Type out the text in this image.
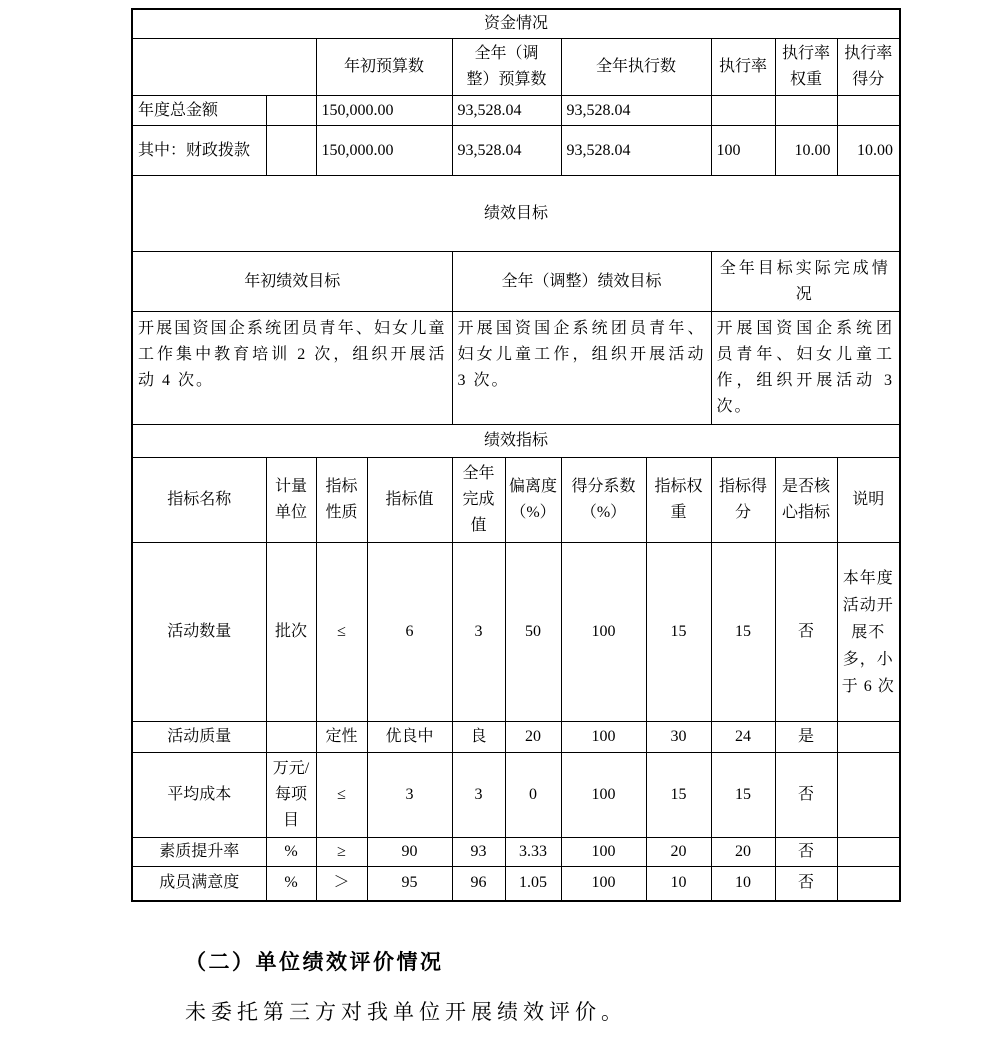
资金情况										
		年初预算数		全年（调整）预算数		全年执行数		执行率	执行率权重	执行率得分
年度总金额		150,000.00		93,528.04		93,528.04				
其中：财政拨款		150,000.00		93,528.04		93,528.04		100	10.00	10.00
绩效目标										
年初绩效目标				全年（调整）绩效目标				全年目标实际完成情况		
开展国资国企系统团员青年、妇女儿童工作集中教育培训 2 次，组织开展活动 4 次。				开展国资国企系统团员青年、妇女儿童工作，组织开展活动 3 次。				开展国资国企系统团员青年、妇女儿童工作，组织开展活动 3 次。		
绩效指标										
指标名称	计量单位	指标性质	指标值	全年完成值	偏离度（%）	得分系数（%）	指标权重	指标得分	是否核心指标	说明
活动数量	批次	≤	6	3	50	100	15	15	否	本年度活动开展不多，小于 6 次
活动质量		定性	优良中	良	20	100	30	24	是	
平均成本	万元/每项目	≤	3	3	0	100	15	15	否	
素质提升率	%	≥	90	93	3.33	100	20	20	否	
成员满意度	%	＞	95	96	1.05	100	10	10	否	
（二）单位绩效评价情况
未委托第三方对我单位开展绩效评价。
